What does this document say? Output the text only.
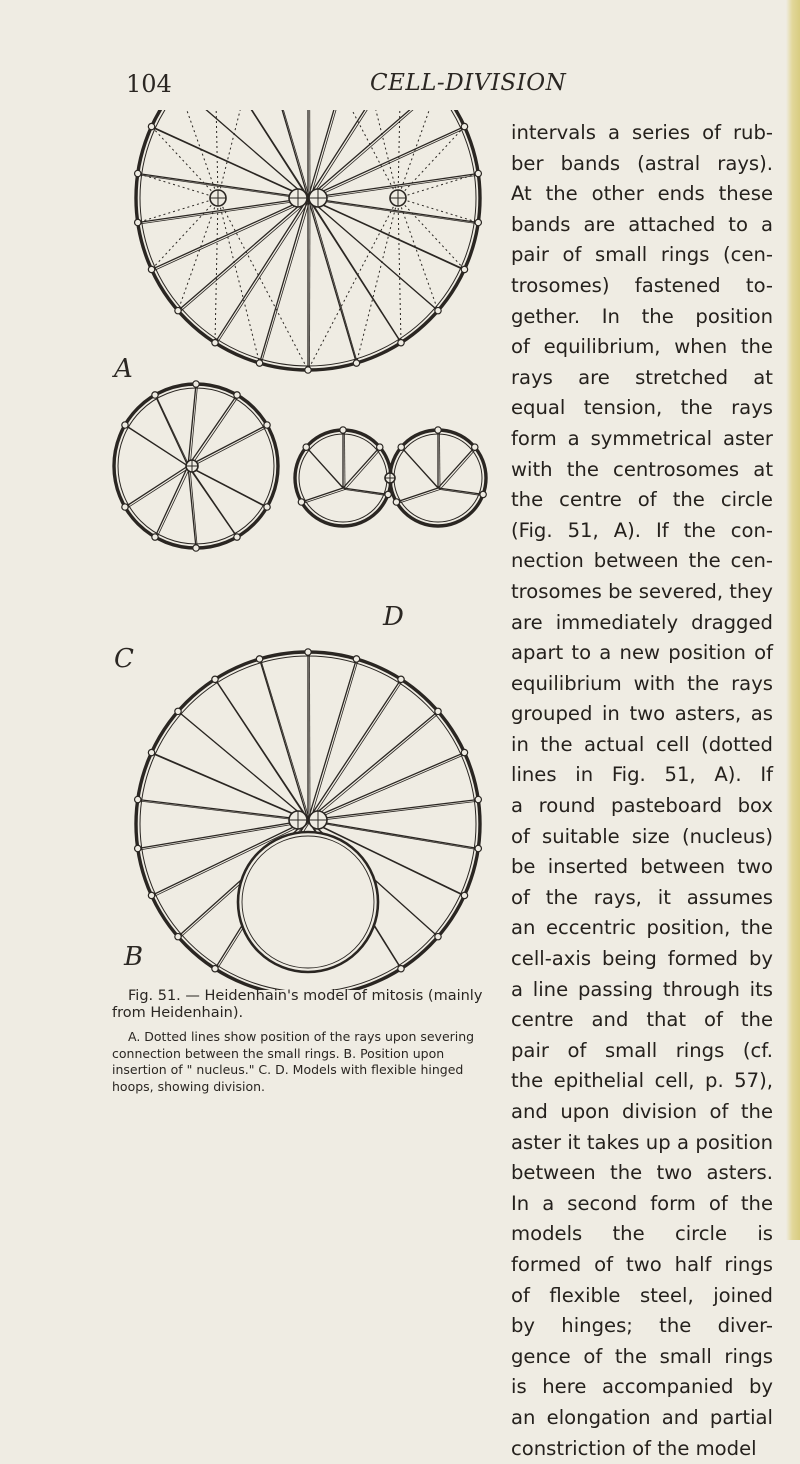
104	CELL-DIVISION
A
C
D
B

Fig. 51. — Heidenhain's model of mitosis (mainly from Heidenhain).

A. Dotted lines show position of the rays upon severing connection between the small rings. B. Position upon insertion of " nucleus." C. D. Models with flexible hinged hoops, showing division.

intervals a series of rub-
ber bands (astral rays).
At the other ends these
bands are attached to a
pair of small rings (cen-
trosomes) fastened to-
gether. In the position
of equilibrium, when the
rays are stretched at
equal tension, the rays
form a symmetrical aster
with the centrosomes at
the centre of the circle
(Fig. 51, A). If the con-
nection between the cen-
trosomes be severed, they
are immediately dragged
apart to a new position of
equilibrium with the rays
grouped in two asters, as
in the actual cell (dotted
lines in Fig. 51, A). If
a round pasteboard box
of suitable size (nucleus)
be inserted between two
of the rays, it assumes
an eccentric position, the
cell-axis being formed by
a line passing through its
centre and that of the
pair of small rings (cf.
the epithelial cell, p. 57),
and upon division of the
aster it takes up a position
between the two asters.
In a second form of the
models the circle is
formed of two half rings
of flexible steel, joined
by hinges; the diver-
gence of the small rings
is here accompanied by
an elongation and partial
constriction of the model
